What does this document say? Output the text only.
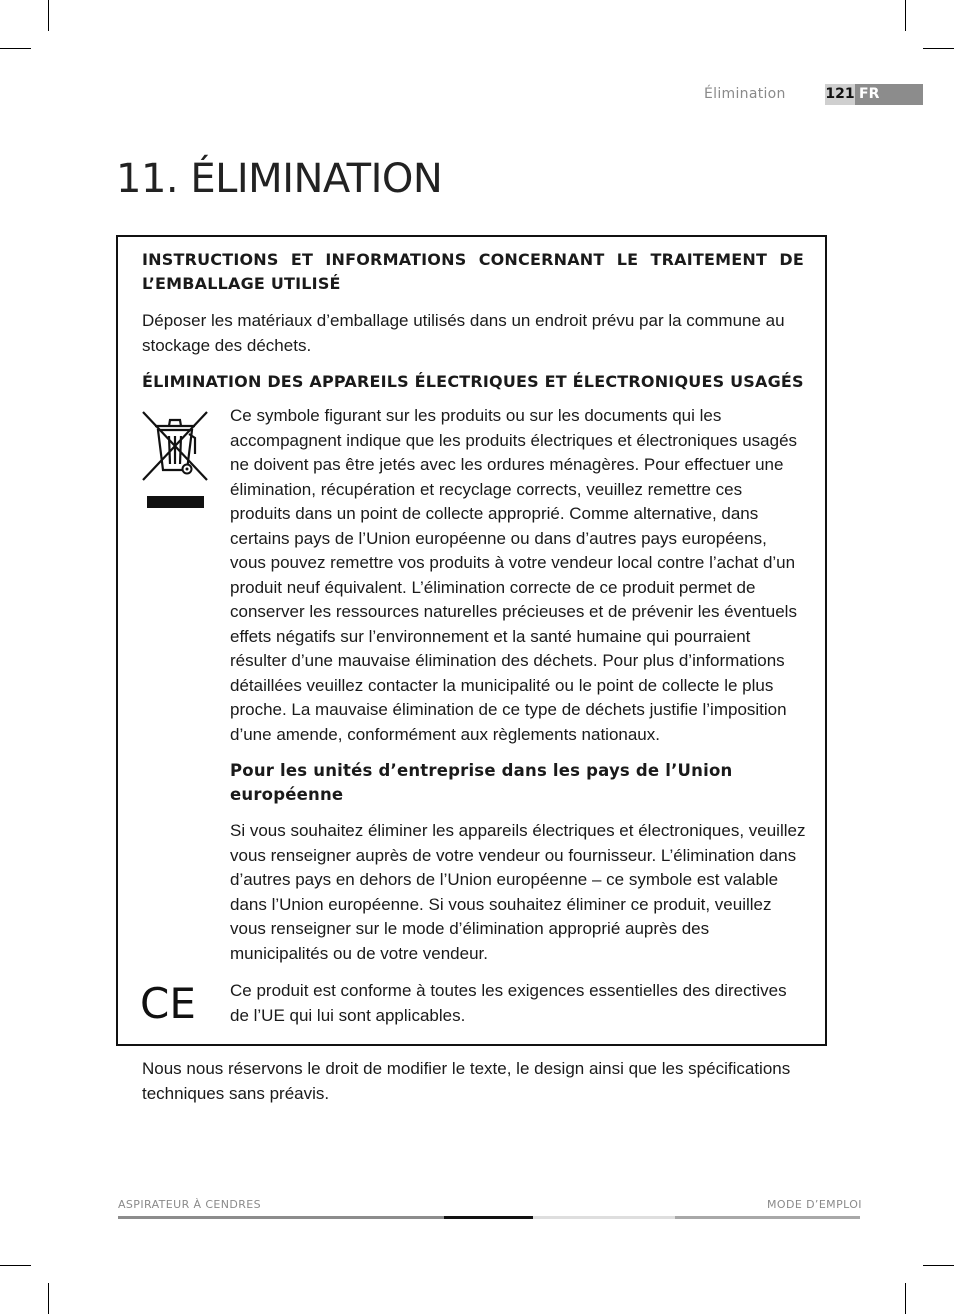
Élimination	121 FR
11. ÉLIMINATION
INSTRUCTIONS ET INFORMATIONS CONCERNANT LE TRAITEMENT DE L’EMBALLAGE UTILISÉ
Déposer les matériaux d’emballage utilisés dans un endroit prévu par la commune au stockage des déchets.
ÉLIMINATION DES APPAREILS ÉLECTRIQUES ET ÉLECTRONIQUES USAGÉS
Ce symbole figurant sur les produits ou sur les documents qui les accompagnent indique que les produits électriques et électroniques usagés ne doivent pas être jetés avec les ordures ménagères. Pour effectuer une élimination, récupération et recyclage corrects, veuillez remettre ces produits dans un point de collecte approprié. Comme alternative, dans certains pays de l’Union européenne ou dans d’autres pays européens, vous pouvez remettre vos produits à votre vendeur local contre l’achat d’un produit neuf équivalent. L’élimination correcte de ce produit permet de conserver les ressources naturelles précieuses et de prévenir les éventuels effets négatifs sur l’environnement et la santé humaine qui pourraient résulter d’une mauvaise élimination des déchets. Pour plus d’informations détaillées veuillez contacter la municipalité ou le point de collecte le plus proche. La mauvaise élimination de ce type de déchets justifie l’imposition d’une amende, conformément aux règlements nationaux.
Pour les unités d’entreprise dans les pays de l’Union européenne
Si vous souhaitez éliminer les appareils électriques et électroniques, veuillez vous renseigner auprès de votre vendeur ou fournisseur. L’élimination dans d’autres pays en dehors de l’Union européenne – ce symbole est valable dans l’Union européenne. Si vous souhaitez éliminer ce produit, veuillez vous renseigner sur le mode d’élimination approprié auprès des municipalités ou de votre vendeur.
CE Ce produit est conforme à toutes les exigences essentielles des directives de l’UE qui lui sont applicables.
Nous nous réservons le droit de modifier le texte, le design ainsi que les spécifications techniques sans préavis.
ASPIRATEUR À CENDRES	MODE D’EMPLOI
